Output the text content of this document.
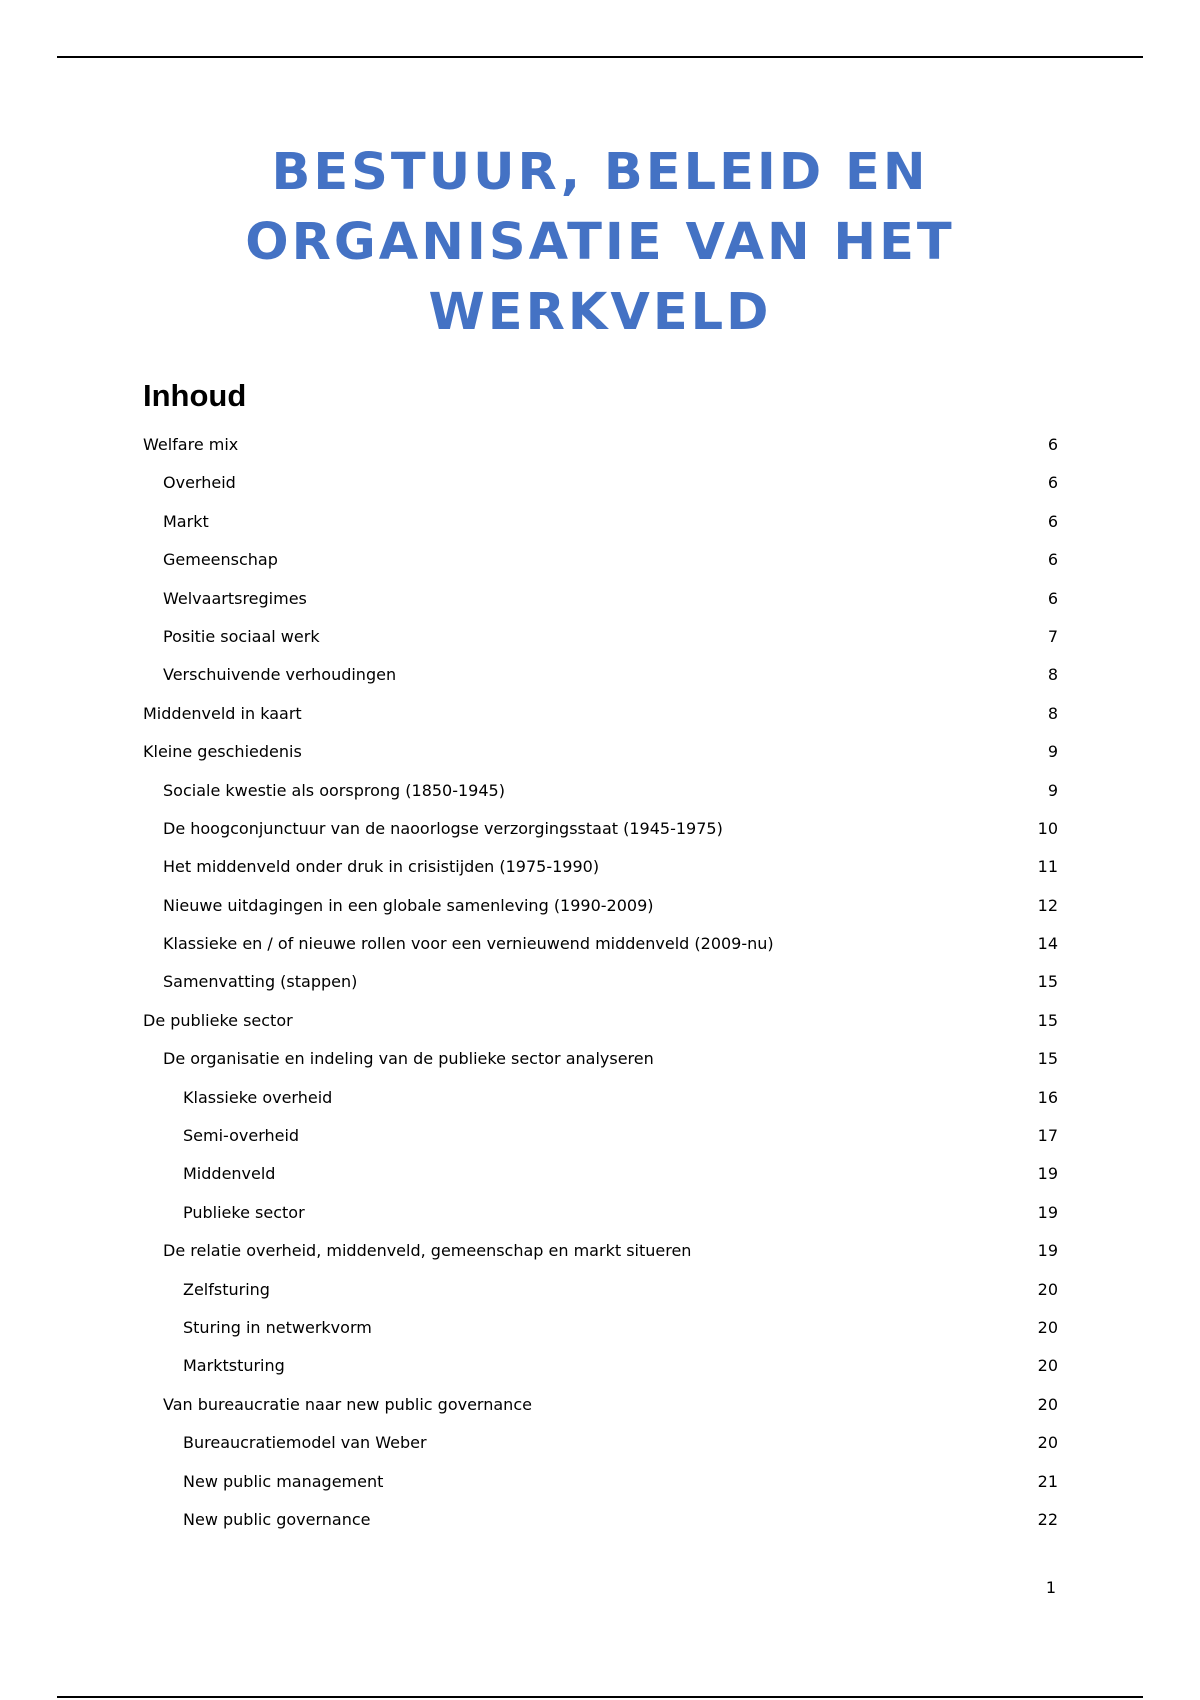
BESTUUR, BELEID EN
ORGANISATIE VAN HET
WERKVELD
Inhoud
Welfare mix .....	6
Overheid .....	6
Markt .....	6
Gemeenschap .....	6
Welvaartsregimes .....	6
Positie sociaal werk .....	7
Verschuivende verhoudingen .....	8
Middenveld in kaart .....	8
Kleine geschiedenis .....	9
Sociale kwestie als oorsprong (1850-1945) .....	9
De hoogconjunctuur van de naoorlogse verzorgingsstaat (1945-1975) .....	10
Het middenveld onder druk in crisistijden (1975-1990) .....	11
Nieuwe uitdagingen in een globale samenleving (1990-2009) .....	12
Klassieke en / of nieuwe rollen voor een vernieuwend middenveld (2009-nu) .....	14
Samenvatting (stappen) .....	15
De publieke sector .....	15
De organisatie en indeling van de publieke sector analyseren .....	15
Klassieke overheid .....	16
Semi-overheid .....	17
Middenveld .....	19
Publieke sector .....	19
De relatie overheid, middenveld, gemeenschap en markt situeren .....	19
Zelfsturing .....	20
Sturing in netwerkvorm .....	20
Marktsturing .....	20
Van bureaucratie naar new public governance .....	20
Bureaucratiemodel van Weber .....	20
New public management .....	21
New public governance .....	22
1
